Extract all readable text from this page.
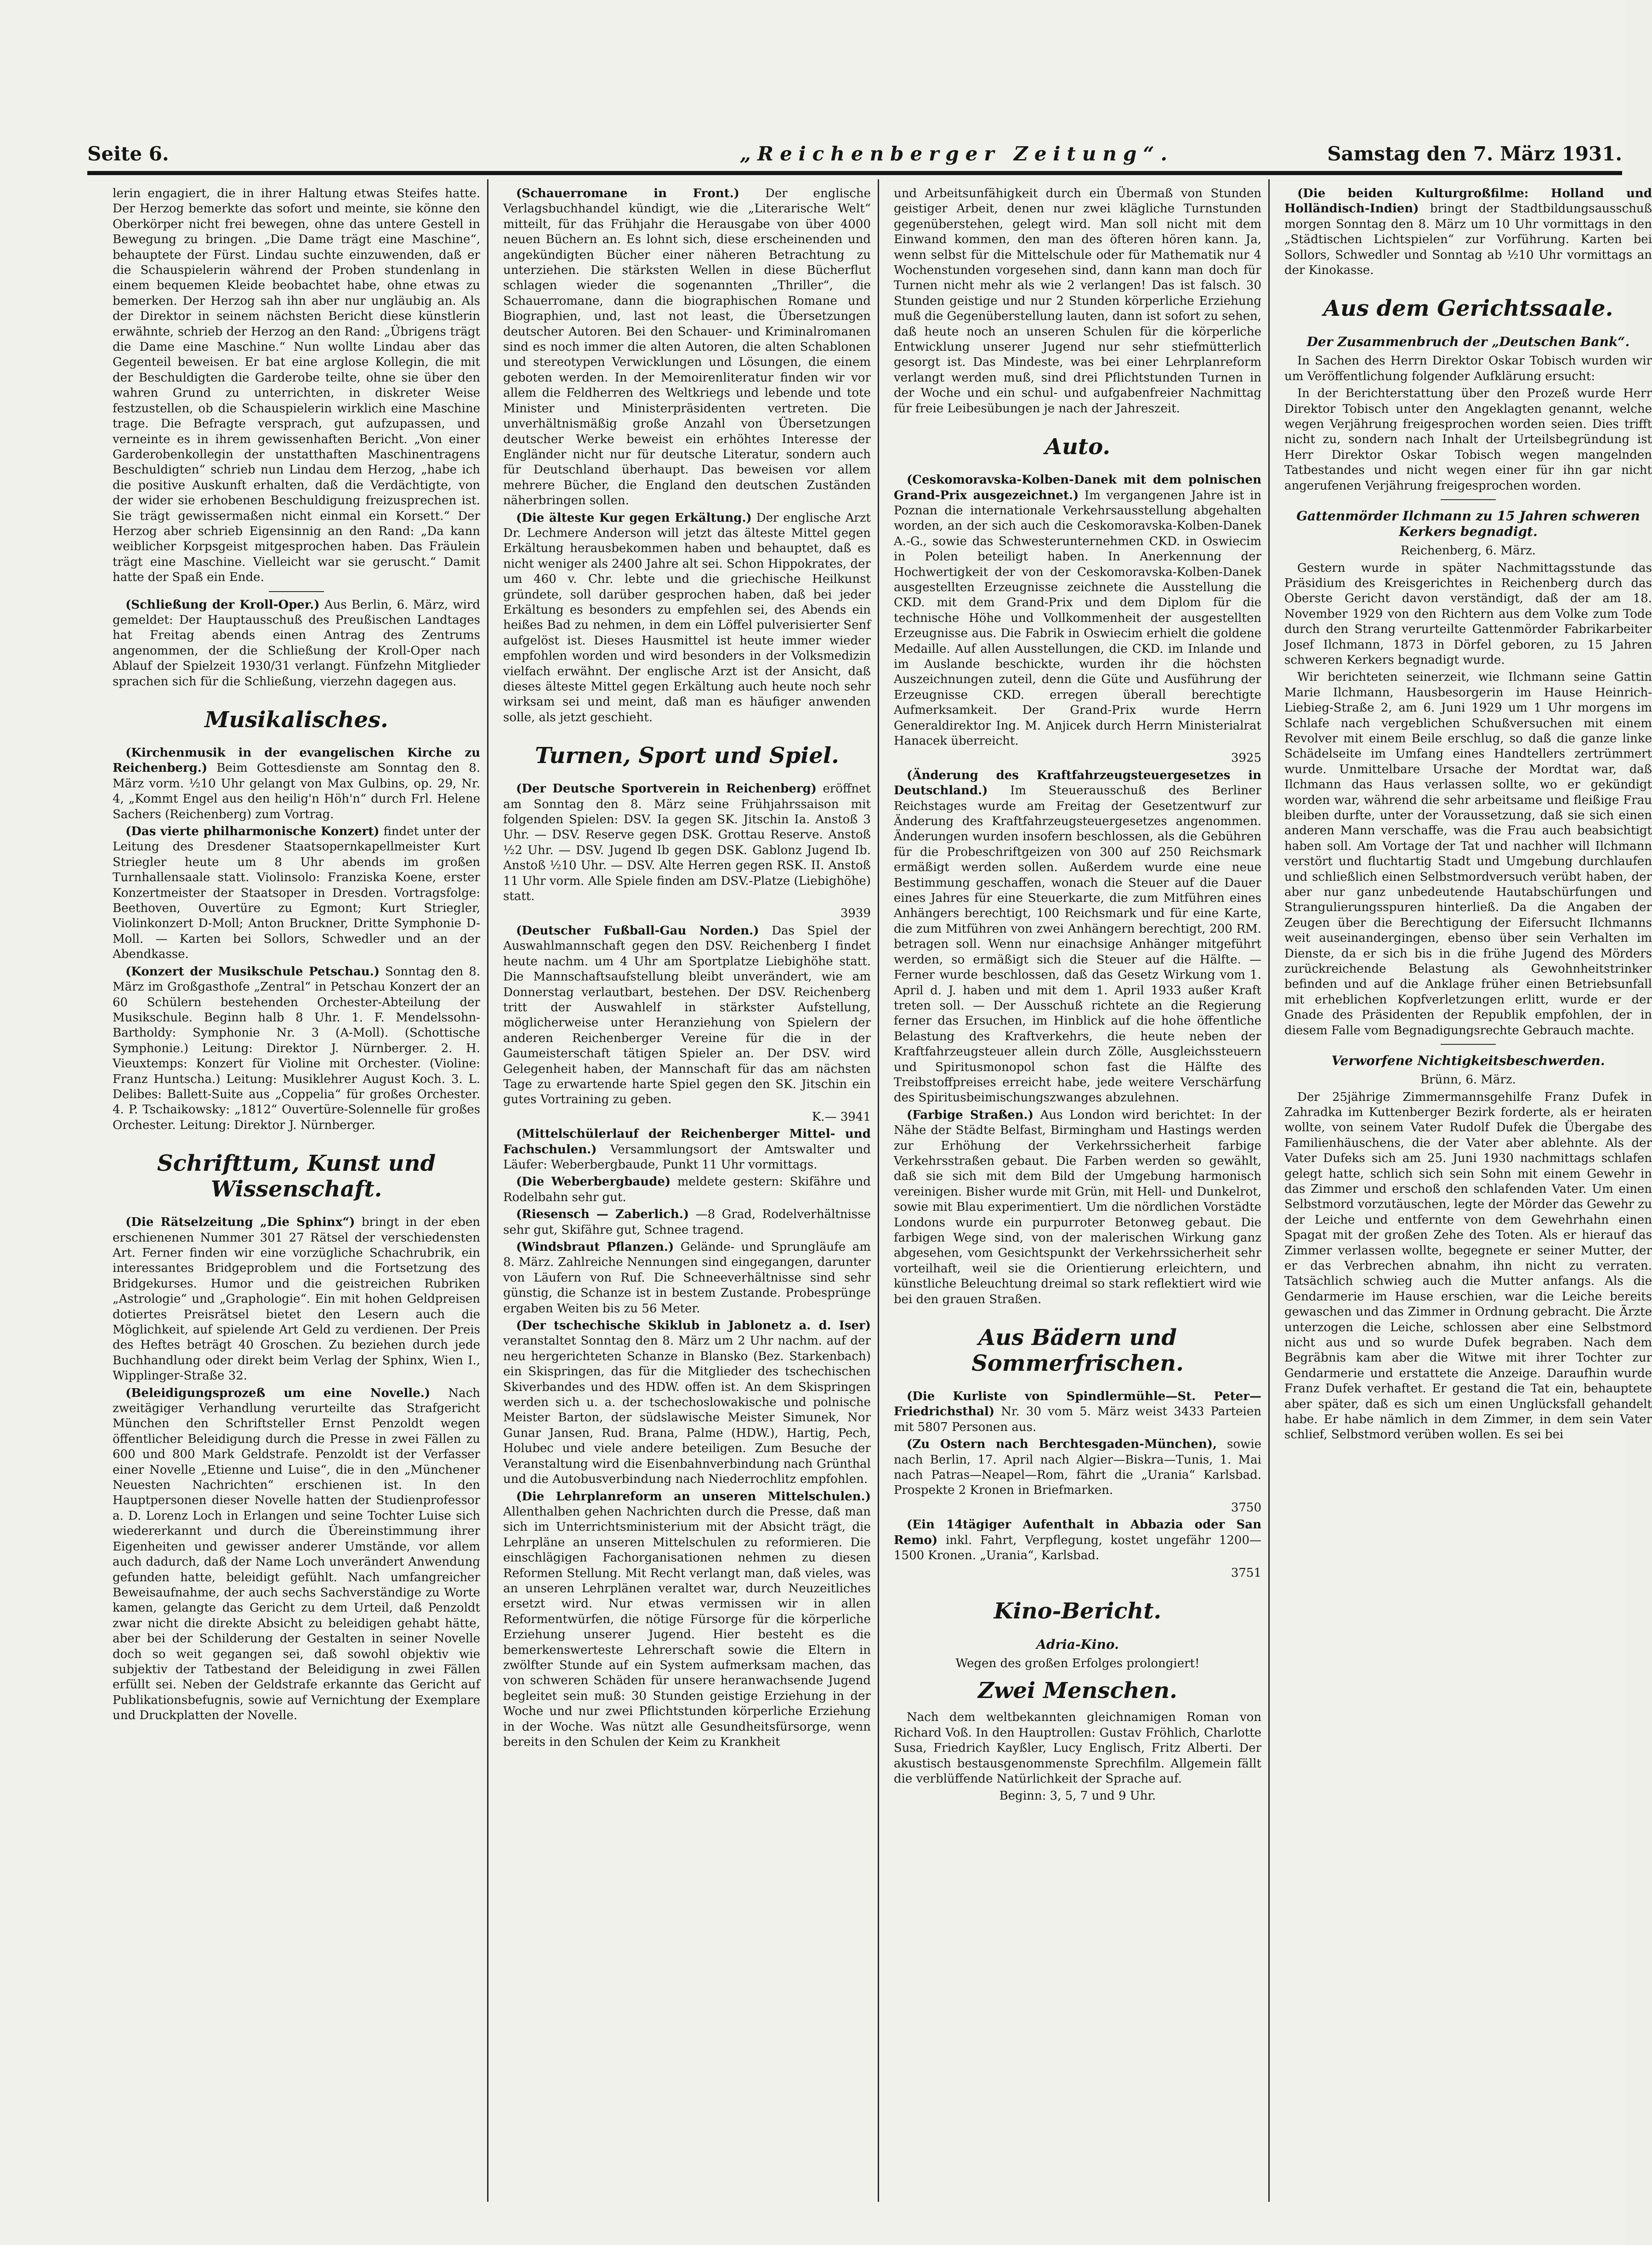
Seite 6.	„Reichenberger Zeitung“.	Samstag den 7. März 1931.

lerin engagiert, die in ihrer Haltung etwas Steifes hatte. Der Herzog bemerkte das sofort und meinte, sie könne den Oberkörper nicht frei bewegen, ohne das untere Gestell in Bewegung zu bringen. „Die Dame trägt eine Maschine“, behauptete der Fürst. Lindau suchte einzuwenden, daß er die Schauspielerin während der Proben stundenlang in einem bequemen Kleide beobachtet habe, ohne etwas zu bemerken. Der Herzog sah ihn aber nur ungläubig an. Als der Direktor in seinem nächsten Bericht diese künstlerin erwähnte, schrieb der Herzog an den Rand: „Übrigens trägt die Dame eine Maschine.“ Nun wollte Lindau aber das Gegenteil beweisen. Er bat eine arglose Kollegin, die mit der Beschuldigten die Garderobe teilte, ohne sie über den wahren Grund zu unterrichten, in diskreter Weise festzustellen, ob die Schauspielerin wirklich eine Maschine trage. Die Befragte versprach, gut aufzupassen, und verneinte es in ihrem gewissenhaften Bericht. „Von einer Garderobenkollegin der unstatthaften Maschinentragens Beschuldigten“ schrieb nun Lindau dem Herzog, „habe ich die positive Auskunft erhalten, daß die Verdächtigte, von der wider sie erhobenen Beschuldigung freizusprechen ist. Sie trägt gewissermaßen nicht einmal ein Korsett.“ Der Herzog aber schrieb Eigensinnig an den Rand: „Da kann weiblicher Korpsgeist mitgesprochen haben. Das Fräulein trägt eine Maschine. Vielleicht war sie geruscht.“ Damit hatte der Spaß ein Ende.

(Schließung der Kroll-Oper.) Aus Berlin, 6. März, wird gemeldet: Der Hauptausschuß des Preußischen Landtages hat Freitag abends einen Antrag des Zentrums angenommen, der die Schließung der Kroll-Oper nach Ablauf der Spielzeit 1930/31 verlangt. Fünfzehn Mitglieder sprachen sich für die Schließung, vierzehn dagegen aus.

Musikalisches.

(Kirchenmusik in der evangelischen Kirche zu Reichenberg.) Beim Gottesdienste am Sonntag den 8. März vorm. ½10 Uhr gelangt von Max Gulbins, op. 29, Nr. 4, „Kommt Engel aus den heilig'n Höh'n“ durch Frl. Helene Sachers (Reichenberg) zum Vortrag.

(Das vierte philharmonische Konzert) findet unter der Leitung des Dresdener Staatsopernkapellmeister Kurt Striegler heute um 8 Uhr abends im großen Turnhallensaale statt. Violinsolo: Franziska Koene, erster Konzertmeister der Staatsoper in Dresden. Vortragsfolge: Beethoven, Ouvertüre zu Egmont; Kurt Striegler, Violinkonzert D-Moll; Anton Bruckner, Dritte Symphonie D-Moll. — Karten bei Sollors, Schwedler und an der Abendkasse.

(Konzert der Musikschule Petschau.) Sonntag den 8. März im Großgasthofe „Zentral“ in Petschau Konzert der an 60 Schülern bestehenden Orchester-Abteilung der Musikschule. Beginn halb 8 Uhr. 1. F. Mendelssohn-Bartholdy: Symphonie Nr. 3 (A-Moll). (Schottische Symphonie.) Leitung: Direktor J. Nürnberger. 2. H. Vieuxtemps: Konzert für Violine mit Orchester. (Violine: Franz Huntscha.) Leitung: Musiklehrer August Koch. 3. L. Delibes: Ballett-Suite aus „Coppelia“ für großes Orchester. 4. P. Tschaikowsky: „1812“ Ouvertüre-Solennelle für großes Orchester. Leitung: Direktor J. Nürnberger.

Schrifttum, Kunst und Wissenschaft.

(Die Rätselzeitung „Die Sphinx“) bringt in der eben erschienenen Nummer 301 27 Rätsel der verschiedensten Art. Ferner finden wir eine vorzügliche Schachrubrik, ein interessantes Bridgeproblem und die Fortsetzung des Bridgekurses. Humor und die geistreichen Rubriken „Astrologie“ und „Graphologie“. Ein mit hohen Geldpreisen dotiertes Preisrätsel bietet den Lesern auch die Möglichkeit, auf spielende Art Geld zu verdienen. Der Preis des Heftes beträgt 40 Groschen. Zu beziehen durch jede Buchhandlung oder direkt beim Verlag der Sphinx, Wien I., Wipplinger-Straße 32.

(Beleidigungsprozeß um eine Novelle.) Nach zweitägiger Verhandlung verurteilte das Strafgericht München den Schriftsteller Ernst Penzoldt wegen öffentlicher Beleidigung durch die Presse in zwei Fällen zu 600 und 800 Mark Geldstrafe. Penzoldt ist der Verfasser einer Novelle „Etienne und Luise“, die in den „Münchener Neuesten Nachrichten“ erschienen ist. In den Hauptpersonen dieser Novelle hatten der Studienprofessor a. D. Lorenz Loch in Erlangen und seine Tochter Luise sich wiedererkannt und durch die Übereinstimmung ihrer Eigenheiten und gewisser anderer Umstände, vor allem auch dadurch, daß der Name Loch unverändert Anwendung gefunden hatte, beleidigt gefühlt. Nach umfangreicher Beweisaufnahme, der auch sechs Sachverständige zu Worte kamen, gelangte das Gericht zu dem Urteil, daß Penzoldt zwar nicht die direkte Absicht zu beleidigen gehabt hätte, aber bei der Schilderung der Gestalten in seiner Novelle doch so weit gegangen sei, daß sowohl objektiv wie subjektiv der Tatbestand der Beleidigung in zwei Fällen erfüllt sei. Neben der Geldstrafe erkannte das Gericht auf Publikationsbefugnis, sowie auf Vernichtung der Exemplare und Druckplatten der Novelle.

(Schauerromane in Front.) Der englische Verlagsbuchhandel kündigt, wie die „Literarische Welt“ mitteilt, für das Frühjahr die Herausgabe von über 4000 neuen Büchern an. Es lohnt sich, diese erscheinenden und angekündigten Bücher einer näheren Betrachtung zu unterziehen. Die stärksten Wellen in diese Bücherflut schlagen wieder die sogenannten „Thriller“, die Schauerromane, dann die biographischen Romane und Biographien, und, last not least, die Übersetzungen deutscher Autoren. Bei den Schauer- und Kriminalromanen sind es noch immer die alten Autoren, die alten Schablonen und stereotypen Verwicklungen und Lösungen, die einem geboten werden. In der Memoirenliteratur finden wir vor allem die Feldherren des Weltkriegs und lebende und tote Minister und Ministerpräsidenten vertreten. Die unverhältnismäßig große Anzahl von Übersetzungen deutscher Werke beweist ein erhöhtes Interesse der Engländer nicht nur für deutsche Literatur, sondern auch für Deutschland überhaupt. Das beweisen vor allem mehrere Bücher, die England den deutschen Zuständen näherbringen sollen.

(Die älteste Kur gegen Erkältung.) Der englische Arzt Dr. Lechmere Anderson will jetzt das älteste Mittel gegen Erkältung herausbekommen haben und behauptet, daß es nicht weniger als 2400 Jahre alt sei. Schon Hippokrates, der um 460 v. Chr. lebte und die griechische Heilkunst gründete, soll darüber gesprochen haben, daß bei jeder Erkältung es besonders zu empfehlen sei, des Abends ein heißes Bad zu nehmen, in dem ein Löffel pulverisierter Senf aufgelöst ist. Dieses Hausmittel ist heute immer wieder empfohlen worden und wird besonders in der Volksmedizin vielfach erwähnt. Der englische Arzt ist der Ansicht, daß dieses älteste Mittel gegen Erkältung auch heute noch sehr wirksam sei und meint, daß man es häufiger anwenden solle, als jetzt geschieht.

Turnen, Sport und Spiel.

(Der Deutsche Sportverein in Reichenberg) eröffnet am Sonntag den 8. März seine Frühjahrssaison mit folgenden Spielen: DSV. Ia gegen SK. Jitschin Ia. Anstoß 3 Uhr. — DSV. Reserve gegen DSK. Grottau Reserve. Anstoß ½2 Uhr. — DSV. Jugend Ib gegen DSK. Gablonz Jugend Ib. Anstoß ½10 Uhr. — DSV. Alte Herren gegen RSK. II. Anstoß 11 Uhr vorm. Alle Spiele finden am DSV.-Platze (Liebighöhe) statt.

3939

(Deutscher Fußball-Gau Norden.) Das Spiel der Auswahlmannschaft gegen den DSV. Reichenberg I findet heute nachm. um 4 Uhr am Sportplatze Liebighöhe statt. Die Mannschaftsaufstellung bleibt unverändert, wie am Donnerstag verlautbart, bestehen. Der DSV. Reichenberg tritt der Auswahlelf in stärkster Aufstellung, möglicherweise unter Heranziehung von Spielern der anderen Reichenberger Vereine für die in der Gaumeisterschaft tätigen Spieler an. Der DSV. wird Gelegenheit haben, der Mannschaft für das am nächsten Tage zu erwartende harte Spiel gegen den SK. Jitschin ein gutes Vortraining zu geben.

K.— 3941

(Mittelschülerlauf der Reichenberger Mittel- und Fachschulen.) Versammlungsort der Amtswalter und Läufer: Weberbergbaude, Punkt 11 Uhr vormittags.

(Die Weberbergbaude) meldete gestern: Skifähre und Rodelbahn sehr gut.

(Riesensch — Zaberlich.) —8 Grad, Rodelverhältnisse sehr gut, Skifähre gut, Schnee tragend.

(Windsbraut Pflanzen.) Gelände- und Sprungläufe am 8. März. Zahlreiche Nennungen sind eingegangen, darunter von Läufern von Ruf. Die Schneeverhältnisse sind sehr günstig, die Schanze ist in bestem Zustande. Probesprünge ergaben Weiten bis zu 56 Meter.

(Der tschechische Skiklub in Jablonetz a. d. Iser) veranstaltet Sonntag den 8. März um 2 Uhr nachm. auf der neu hergerichteten Schanze in Blansko (Bez. Starkenbach) ein Skispringen, das für die Mitglieder des tschechischen Skiverbandes und des HDW. offen ist. An dem Skispringen werden sich u. a. der tschechoslowakische und polnische Meister Barton, der südslawische Meister Simunek, Nor Gunar Jansen, Rud. Brana, Palme (HDW.), Hartig, Pech, Holubec und viele andere beteiligen. Zum Besuche der Veranstaltung wird die Eisenbahnverbindung nach Grünthal und die Autobusverbindung nach Niederrochlitz empfohlen.

(Die Lehrplanreform an unseren Mittelschulen.) Allenthalben gehen Nachrichten durch die Presse, daß man sich im Unterrichtsministerium mit der Absicht trägt, die Lehrpläne an unseren Mittelschulen zu reformieren. Die einschlägigen Fachorganisationen nehmen zu diesen Reformen Stellung. Mit Recht verlangt man, daß vieles, was an unseren Lehrplänen veraltet war, durch Neuzeitliches ersetzt wird. Nur etwas vermissen wir in allen Reformentwürfen, die nötige Fürsorge für die körperliche Erziehung unserer Jugend. Hier besteht es die bemerkenswerteste Lehrerschaft sowie die Eltern in zwölfter Stunde auf ein System aufmerksam machen, das von schweren Schäden für unsere heranwachsende Jugend begleitet sein muß: 30 Stunden geistige Erziehung in der Woche und nur zwei Pflichtstunden körperliche Erziehung in der Woche. Was nützt alle Gesundheitsfürsorge, wenn bereits in den Schulen der Keim zu Krankheit

und Arbeitsunfähigkeit durch ein Übermaß von Stunden geistiger Arbeit, denen nur zwei klägliche Turnstunden gegenüberstehen, gelegt wird. Man soll nicht mit dem Einwand kommen, den man des öfteren hören kann. Ja, wenn selbst für die Mittelschule oder für Mathematik nur 4 Wochenstunden vorgesehen sind, dann kann man doch für Turnen nicht mehr als wie 2 verlangen! Das ist falsch. 30 Stunden geistige und nur 2 Stunden körperliche Erziehung muß die Gegenüberstellung lauten, dann ist sofort zu sehen, daß heute noch an unseren Schulen für die körperliche Entwicklung unserer Jugend nur sehr stiefmütterlich gesorgt ist. Das Mindeste, was bei einer Lehrplanreform verlangt werden muß, sind drei Pflichtstunden Turnen in der Woche und ein schul- und aufgabenfreier Nachmittag für freie Leibesübungen je nach der Jahreszeit.

Auto.

(Ceskomoravska-Kolben-Danek mit dem polnischen Grand-Prix ausgezeichnet.) Im vergangenen Jahre ist in Poznan die internationale Verkehrsausstellung abgehalten worden, an der sich auch die Ceskomoravska-Kolben-Danek A.-G., sowie das Schwesterunternehmen CKD. in Oswiecim in Polen beteiligt haben. In Anerkennung der Hochwertigkeit der von der Ceskomoravska-Kolben-Danek ausgestellten Erzeugnisse zeichnete die Ausstellung die CKD. mit dem Grand-Prix und dem Diplom für die technische Höhe und Vollkommenheit der ausgestellten Erzeugnisse aus. Die Fabrik in Oswiecim erhielt die goldene Medaille. Auf allen Ausstellungen, die CKD. im Inlande und im Auslande beschickte, wurden ihr die höchsten Auszeichnungen zuteil, denn die Güte und Ausführung der Erzeugnisse CKD. erregen überall berechtigte Aufmerksamkeit. Der Grand-Prix wurde Herrn Generaldirektor Ing. M. Anjicek durch Herrn Ministerialrat Hanacek überreicht.

3925

(Änderung des Kraftfahrzeugsteuergesetzes in Deutschland.) Im Steuerausschuß des Berliner Reichstages wurde am Freitag der Gesetzentwurf zur Änderung des Kraftfahrzeugsteuergesetzes angenommen. Änderungen wurden insofern beschlossen, als die Gebühren für die Probeschriftgeizen von 300 auf 250 Reichsmark ermäßigt werden sollen. Außerdem wurde eine neue Bestimmung geschaffen, wonach die Steuer auf die Dauer eines Jahres für eine Steuerkarte, die zum Mitführen eines Anhängers berechtigt, 100 Reichsmark und für eine Karte, die zum Mitführen von zwei Anhängern berechtigt, 200 RM. betragen soll. Wenn nur einachsige Anhänger mitgeführt werden, so ermäßigt sich die Steuer auf die Hälfte. — Ferner wurde beschlossen, daß das Gesetz Wirkung vom 1. April d. J. haben und mit dem 1. April 1933 außer Kraft treten soll. — Der Ausschuß richtete an die Regierung ferner das Ersuchen, im Hinblick auf die hohe öffentliche Belastung des Kraftverkehrs, die heute neben der Kraftfahrzeugsteuer allein durch Zölle, Ausgleichssteuern und Spiritusmonopol schon fast die Hälfte des Treibstoffpreises erreicht habe, jede weitere Verschärfung des Spiritusbeimischungszwanges abzulehnen.

(Farbige Straßen.) Aus London wird berichtet: In der Nähe der Städte Belfast, Birmingham und Hastings werden zur Erhöhung der Verkehrssicherheit farbige Verkehrsstraßen gebaut. Die Farben werden so gewählt, daß sie sich mit dem Bild der Umgebung harmonisch vereinigen. Bisher wurde mit Grün, mit Hell- und Dunkelrot, sowie mit Blau experimentiert. Um die nördlichen Vorstädte Londons wurde ein purpurroter Betonweg gebaut. Die farbigen Wege sind, von der malerischen Wirkung ganz abgesehen, vom Gesichtspunkt der Verkehrssicherheit sehr vorteilhaft, weil sie die Orientierung erleichtern, und künstliche Beleuchtung dreimal so stark reflektiert wird wie bei den grauen Straßen.

Aus Bädern und Sommerfrischen.

(Die Kurliste von Spindlermühle—St. Peter—Friedrichsthal) Nr. 30 vom 5. März weist 3433 Parteien mit 5807 Personen aus.

(Zu Ostern nach Berchtesgaden-München), sowie nach Berlin, 17. April nach Algier—Biskra—Tunis, 1. Mai nach Patras—Neapel—Rom, fährt die „Urania“ Karlsbad. Prospekte 2 Kronen in Briefmarken.

3750

(Ein 14tägiger Aufenthalt in Abbazia oder San Remo) inkl. Fahrt, Verpflegung, kostet ungefähr 1200—1500 Kronen. „Urania“, Karlsbad.

3751

Kino-Bericht.
Adria-Kino.

Wegen des großen Erfolges prolongiert!

Zwei Menschen.

Nach dem weltbekannten gleichnamigen Roman von Richard Voß. In den Hauptrollen: Gustav Fröhlich, Charlotte Susa, Friedrich Kayßler, Lucy Englisch, Fritz Alberti. Der akustisch bestausgenommenste Sprechfilm. Allgemein fällt die verblüffende Natürlichkeit der Sprache auf.

Beginn: 3, 5, 7 und 9 Uhr.

(Die beiden Kulturgroßfilme: Holland und Holländisch-Indien) bringt der Stadtbildungsausschuß morgen Sonntag den 8. März um 10 Uhr vormittags in den „Städtischen Lichtspielen“ zur Vorführung. Karten bei Sollors, Schwedler und Sonntag ab ½10 Uhr vormittags an der Kinokasse.

Aus dem Gerichtssaale.
Der Zusammenbruch der „Deutschen Bank“.

In Sachen des Herrn Direktor Oskar Tobisch wurden wir um Veröffentlichung folgender Aufklärung ersucht:

In der Berichterstattung über den Prozeß wurde Herr Direktor Tobisch unter den Angeklagten genannt, welche wegen Verjährung freigesprochen worden seien. Dies trifft nicht zu, sondern nach Inhalt der Urteilsbegründung ist Herr Direktor Oskar Tobisch wegen mangelnden Tatbestandes und nicht wegen einer für ihn gar nicht angerufenen Verjährung freigesprochen worden.

Gattenmörder Ilchmann zu 15 Jahren schweren Kerkers begnadigt.

Reichenberg, 6. März.

Gestern wurde in später Nachmittagsstunde das Präsidium des Kreisgerichtes in Reichenberg durch das Oberste Gericht davon verständigt, daß der am 18. November 1929 von den Richtern aus dem Volke zum Tode durch den Strang verurteilte Gattenmörder Fabrikarbeiter Josef Ilchmann, 1873 in Dörfel geboren, zu 15 Jahren schweren Kerkers begnadigt wurde.

Wir berichteten seinerzeit, wie Ilchmann seine Gattin Marie Ilchmann, Hausbesorgerin im Hause Heinrich-Liebieg-Straße 2, am 6. Juni 1929 um 1 Uhr morgens im Schlafe nach vergeblichen Schußversuchen mit einem Revolver mit einem Beile erschlug, so daß die ganze linke Schädelseite im Umfang eines Handtellers zertrümmert wurde. Unmittelbare Ursache der Mordtat war, daß Ilchmann das Haus verlassen sollte, wo er gekündigt worden war, während die sehr arbeitsame und fleißige Frau bleiben durfte, unter der Voraussetzung, daß sie sich einen anderen Mann verschaffe, was die Frau auch beabsichtigt haben soll. Am Vortage der Tat und nachher will Ilchmann verstört und fluchtartig Stadt und Umgebung durchlaufen und schließlich einen Selbstmordversuch verübt haben, der aber nur ganz unbedeutende Hautabschürfungen und Strangulierungsspuren hinterließ. Da die Angaben der Zeugen über die Berechtigung der Eifersucht Ilchmanns weit auseinandergingen, ebenso über sein Verhalten im Dienste, da er sich bis in die frühe Jugend des Mörders zurückreichende Belastung als Gewohnheitstrinker befinden und auf die Anklage früher einen Betriebsunfall mit erheblichen Kopfverletzungen erlitt, wurde er der Gnade des Präsidenten der Republik empfohlen, der in diesem Falle vom Begnadigungsrechte Gebrauch machte.

Verworfene Nichtigkeitsbeschwerden.

Brünn, 6. März.

Der 25jährige Zimmermannsgehilfe Franz Dufek in Zahradka im Kuttenberger Bezirk forderte, als er heiraten wollte, von seinem Vater Rudolf Dufek die Übergabe des Familienhäuschens, die der Vater aber ablehnte. Als der Vater Dufeks sich am 25. Juni 1930 nachmittags schlafen gelegt hatte, schlich sich sein Sohn mit einem Gewehr in das Zimmer und erschoß den schlafenden Vater. Um einen Selbstmord vorzutäuschen, legte der Mörder das Gewehr zu der Leiche und entfernte von dem Gewehrhahn einen Spagat mit der großen Zehe des Toten. Als er hierauf das Zimmer verlassen wollte, begegnete er seiner Mutter, der er das Verbrechen abnahm, ihn nicht zu verraten. Tatsächlich schwieg auch die Mutter anfangs. Als die Gendarmerie im Hause erschien, war die Leiche bereits gewaschen und das Zimmer in Ordnung gebracht. Die Ärzte unterzogen die Leiche, schlossen aber eine Selbstmord nicht aus und so wurde Dufek begraben. Nach dem Begräbnis kam aber die Witwe mit ihrer Tochter zur Gendarmerie und erstattete die Anzeige. Daraufhin wurde Franz Dufek verhaftet. Er gestand die Tat ein, behauptete aber später, daß es sich um einen Unglücksfall gehandelt habe. Er habe nämlich in dem Zimmer, in dem sein Vater schlief, Selbstmord verüben wollen. Es sei bei
